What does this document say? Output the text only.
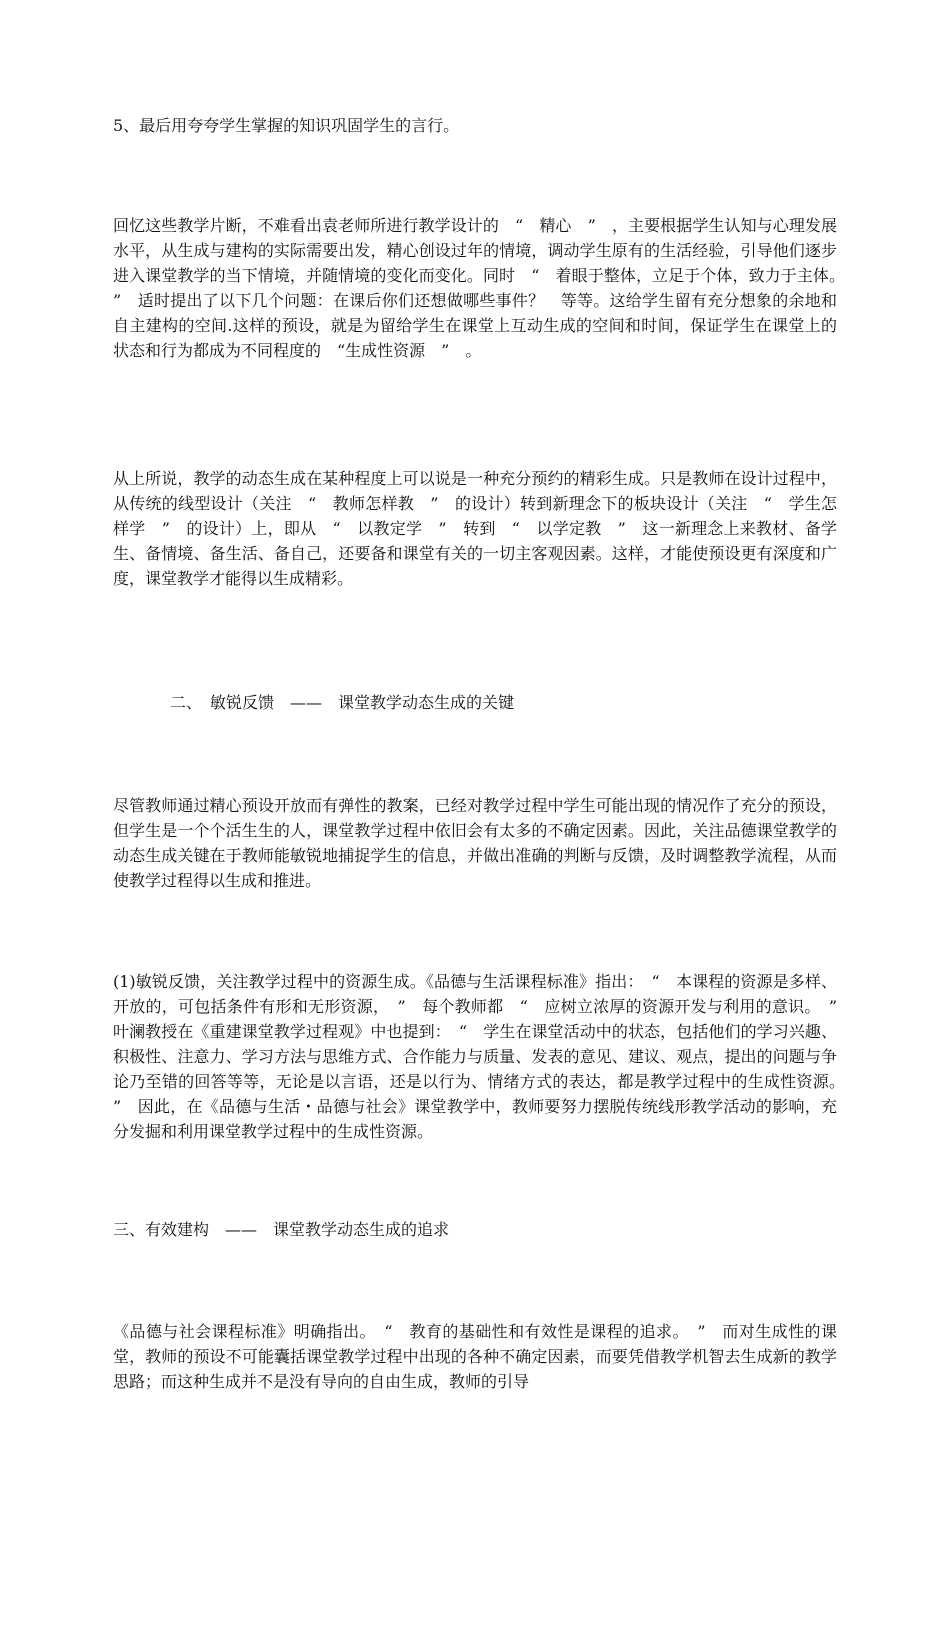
5、最后用夸夸学生掌握的知识巩固学生的言行。

回忆这些教学片断，不难看出袁老师所进行教学设计的　“　精心　”　，主要根据学生认知与心理发展水平，从生成与建构的实际需要出发，精心创设过年的情境，调动学生原有的生活经验，引导他们逐步进入课堂教学的当下情境，并随情境的变化而变化。同时　“　着眼于整体，立足于个体，致力于主体。　”　适时提出了以下几个问题：在课后你们还想做哪些事件？　等等。这给学生留有充分想象的余地和自主建构的空间.这样的预设，就是为留给学生在课堂上互动生成的空间和时间，保证学生在课堂上的状态和行为都成为不同程度的　“生成性资源　”　。

从上所说，教学的动态生成在某种程度上可以说是一种充分预约的精彩生成。只是教师在设计过程中，从传统的线型设计（关注　“　教师怎样教　”　的设计）转到新理念下的板块设计（关注　“　学生怎样学　”　的设计）上，即从　“　以教定学　”　转到　“　以学定教　”　这一新理念上来教材、备学生、备情境、备生活、备自己，还要备和课堂有关的一切主客观因素。这样，才能使预设更有深度和广度，课堂教学才能得以生成精彩。

二、　敏锐反馈　——　课堂教学动态生成的关键

尽管教师通过精心预设开放而有弹性的教案，已经对教学过程中学生可能出现的情况作了充分的预设，但学生是一个个活生生的人，课堂教学过程中依旧会有太多的不确定因素。因此，关注品德课堂教学的动态生成关键在于教师能敏锐地捕捉学生的信息，并做出准确的判断与反馈，及时调整教学流程，从而使教学过程得以生成和推进。

(1)敏锐反馈，关注教学过程中的资源生成。《品德与生活课程标准》指出：　“　本课程的资源是多样、开放的，可包括条件有形和无形资源，　”　每个教师都　“　应树立浓厚的资源开发与利用的意识。　”　叶澜教授在《重建课堂教学过程观》中也提到：　“　学生在课堂活动中的状态，包括他们的学习兴趣、积极性、注意力、学习方法与思维方式、合作能力与质量、发表的意见、建议、观点，提出的问题与争论乃至错的回答等等，无论是以言语，还是以行为、情绪方式的表达，都是教学过程中的生成性资源。　”　因此，在《品德与生活・品德与社会》课堂教学中，教师要努力摆脱传统线形教学活动的影响，充分发掘和利用课堂教学过程中的生成性资源。

三、有效建构　——　课堂教学动态生成的追求

《品德与社会课程标准》明确指出。　“　教育的基础性和有效性是课程的追求。　”　而对生成性的课堂，教师的预设不可能囊括课堂教学过程中出现的各种不确定因素，而要凭借教学机智去生成新的教学思路；而这种生成并不是没有导向的自由生成，教师的引导
